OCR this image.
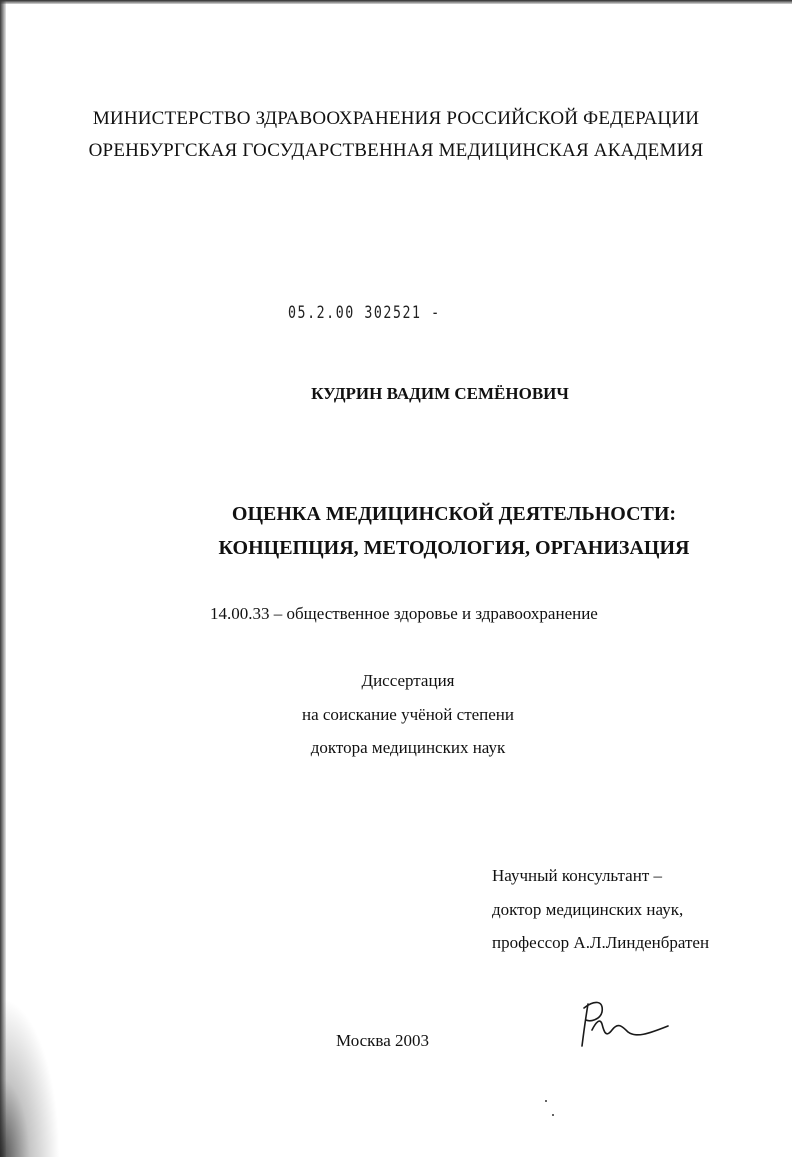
МИНИСТЕРСТВО ЗДРАВООХРАНЕНИЯ РОССИЙСКОЙ ФЕДЕРАЦИИ
ОРЕНБУРГСКАЯ ГОСУДАРСТВЕННАЯ МЕДИЦИНСКАЯ АКАДЕМИЯ
05.2.00 302521 -
КУДРИН ВАДИМ СЕМЁНОВИЧ
ОЦЕНКА МЕДИЦИНСКОЙ ДЕЯТЕЛЬНОСТИ:
КОНЦЕПЦИЯ, МЕТОДОЛОГИЯ, ОРГАНИЗАЦИЯ
14.00.33 – общественное здоровье и здравоохранение
Диссертация
на соискание учёной степени
доктора медицинских наук
Научный консультант –
доктор медицинских наук,
профессор А.Л.Линденбратен
Москва 2003
